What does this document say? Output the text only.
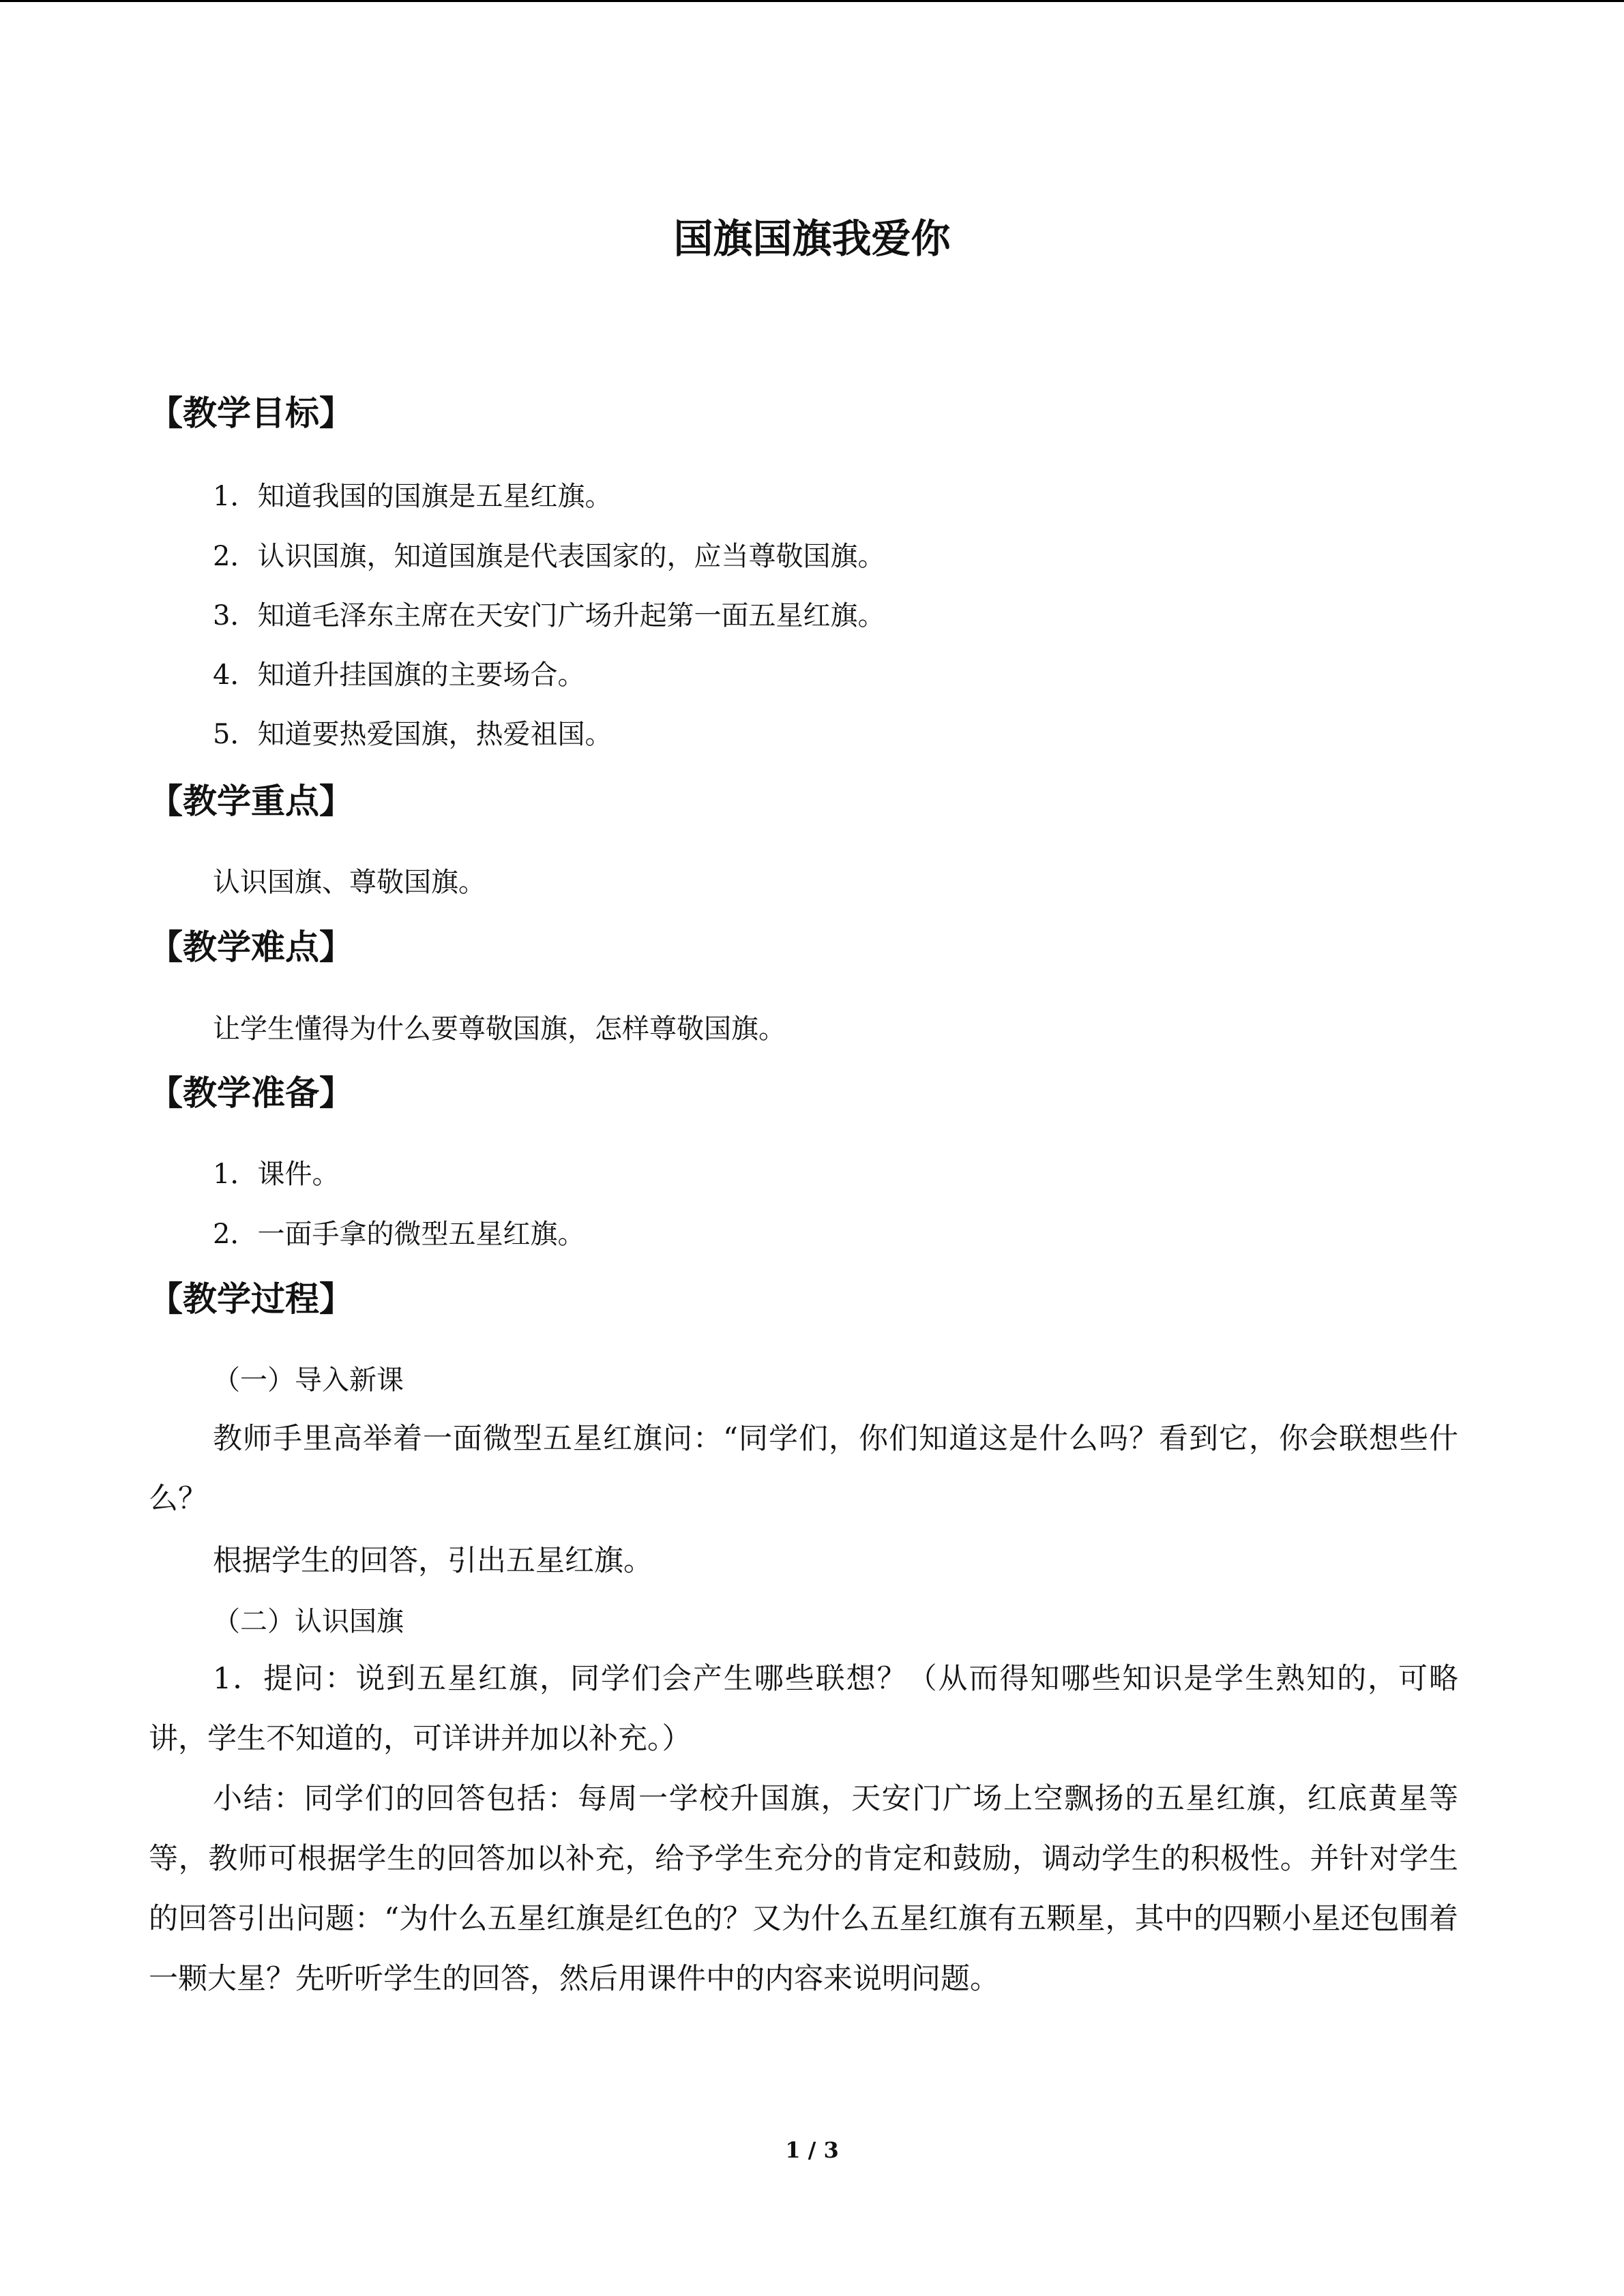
国旗国旗我爱你
【教学目标】

1．知道我国的国旗是五星红旗。

2．认识国旗，知道国旗是代表国家的，应当尊敬国旗。

3．知道毛泽东主席在天安门广场升起第一面五星红旗。

4．知道升挂国旗的主要场合。

5．知道要热爱国旗，热爱祖国。

【教学重点】

认识国旗、尊敬国旗。

【教学难点】

让学生懂得为什么要尊敬国旗，怎样尊敬国旗。

【教学准备】

1．课件。

2．一面手拿的微型五星红旗。

【教学过程】

（一）导入新课

教师手里高举着一面微型五星红旗问：“同学们，你们知道这是什么吗？看到它，你会联想些什么？

根据学生的回答，引出五星红旗。

（二）认识国旗

1．提问：说到五星红旗，同学们会产生哪些联想？（从而得知哪些知识是学生熟知的，可略讲，学生不知道的，可详讲并加以补充。）

小结：同学们的回答包括：每周一学校升国旗，天安门广场上空飘扬的五星红旗，红底黄星等等，教师可根据学生的回答加以补充，给予学生充分的肯定和鼓励，调动学生的积极性。并针对学生的回答引出问题：“为什么五星红旗是红色的？又为什么五星红旗有五颗星，其中的四颗小星还包围着一颗大星？先听听学生的回答，然后用课件中的内容来说明问题。

1 / 3
